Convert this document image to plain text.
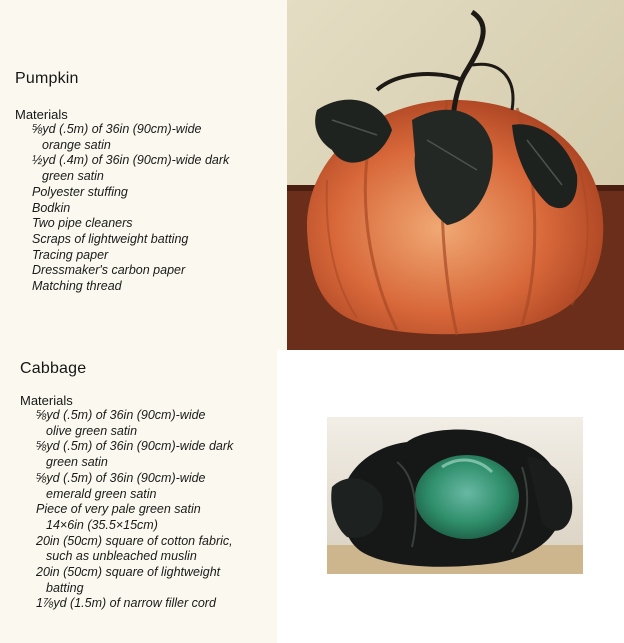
Pumpkin
Materials
⅝yd (.5m) of 36in (90cm)-wide
orange satin
½yd (.4m) of 36in (90cm)-wide dark
green satin
Polyester stuffing
Bodkin
Two pipe cleaners
Scraps of lightweight batting
Tracing paper
Dressmaker's carbon paper
Matching thread
Cabbage
Materials
⅝yd (.5m) of 36in (90cm)-wide
olive green satin
⅝yd (.5m) of 36in (90cm)-wide dark
green satin
⅝yd (.5m) of 36in (90cm)-wide
emerald green satin
Piece of very pale green satin
14×6in (35.5×15cm)
20in (50cm) square of cotton fabric,
such as unbleached muslin
20in (50cm) square of lightweight
batting
1⅞yd (1.5m) of narrow filler cord
